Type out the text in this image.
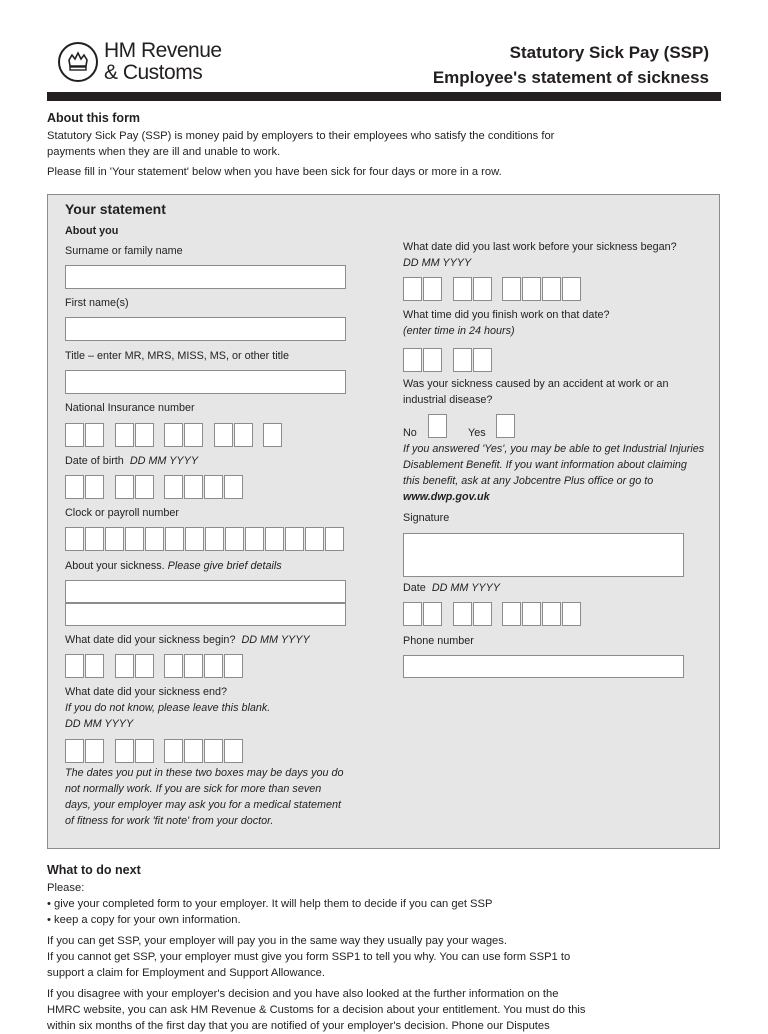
HM Revenue
& Customs
Statutory Sick Pay (SSP)
Employee's statement of sickness
About this form
Statutory Sick Pay (SSP) is money paid by employers to their employees who satisfy the conditions for
payments when they are ill and unable to work.
Please fill in 'Your statement' below when you have been sick for four days or more in a row.
Your statement
About you
Surname or family name
First name(s)
Title – enter MR, MRS, MISS, MS, or other title
National Insurance number
Date of birth DD MM YYYY
Clock or payroll number
About your sickness. Please give brief details
What date did your sickness begin? DD MM YYYY
What date did your sickness end?
If you do not know, please leave this blank.
DD MM YYYY
The dates you put in these two boxes may be days you do
not normally work. If you are sick for more than seven
days, your employer may ask you for a medical statement
of fitness for work 'fit note' from your doctor.
What date did you last work before your sickness began?
DD MM YYYY
What time did you finish work on that date?
(enter time in 24 hours)
Was your sickness caused by an accident at work or an
industrial disease?
No	Yes
If you answered 'Yes', you may be able to get Industrial Injuries
Disablement Benefit. If you want information about claiming
this benefit, ask at any Jobcentre Plus office or go to
www.dwp.gov.uk
Signature
Date DD MM YYYY
Phone number
What to do next
Please:
• give your completed form to your employer. It will help them to decide if you can get SSP
• keep a copy for your own information.
If you can get SSP, your employer will pay you in the same way they usually pay your wages.
If you cannot get SSP, your employer must give you form SSP1 to tell you why. You can use form SSP1 to
support a claim for Employment and Support Allowance.
If you disagree with your employer's decision and you have also looked at the further information on the
HMRC website, you can ask HM Revenue & Customs for a decision about your entitlement. You must do this
within six months of the first day that you are notified of your employer's decision. Phone our Disputes
